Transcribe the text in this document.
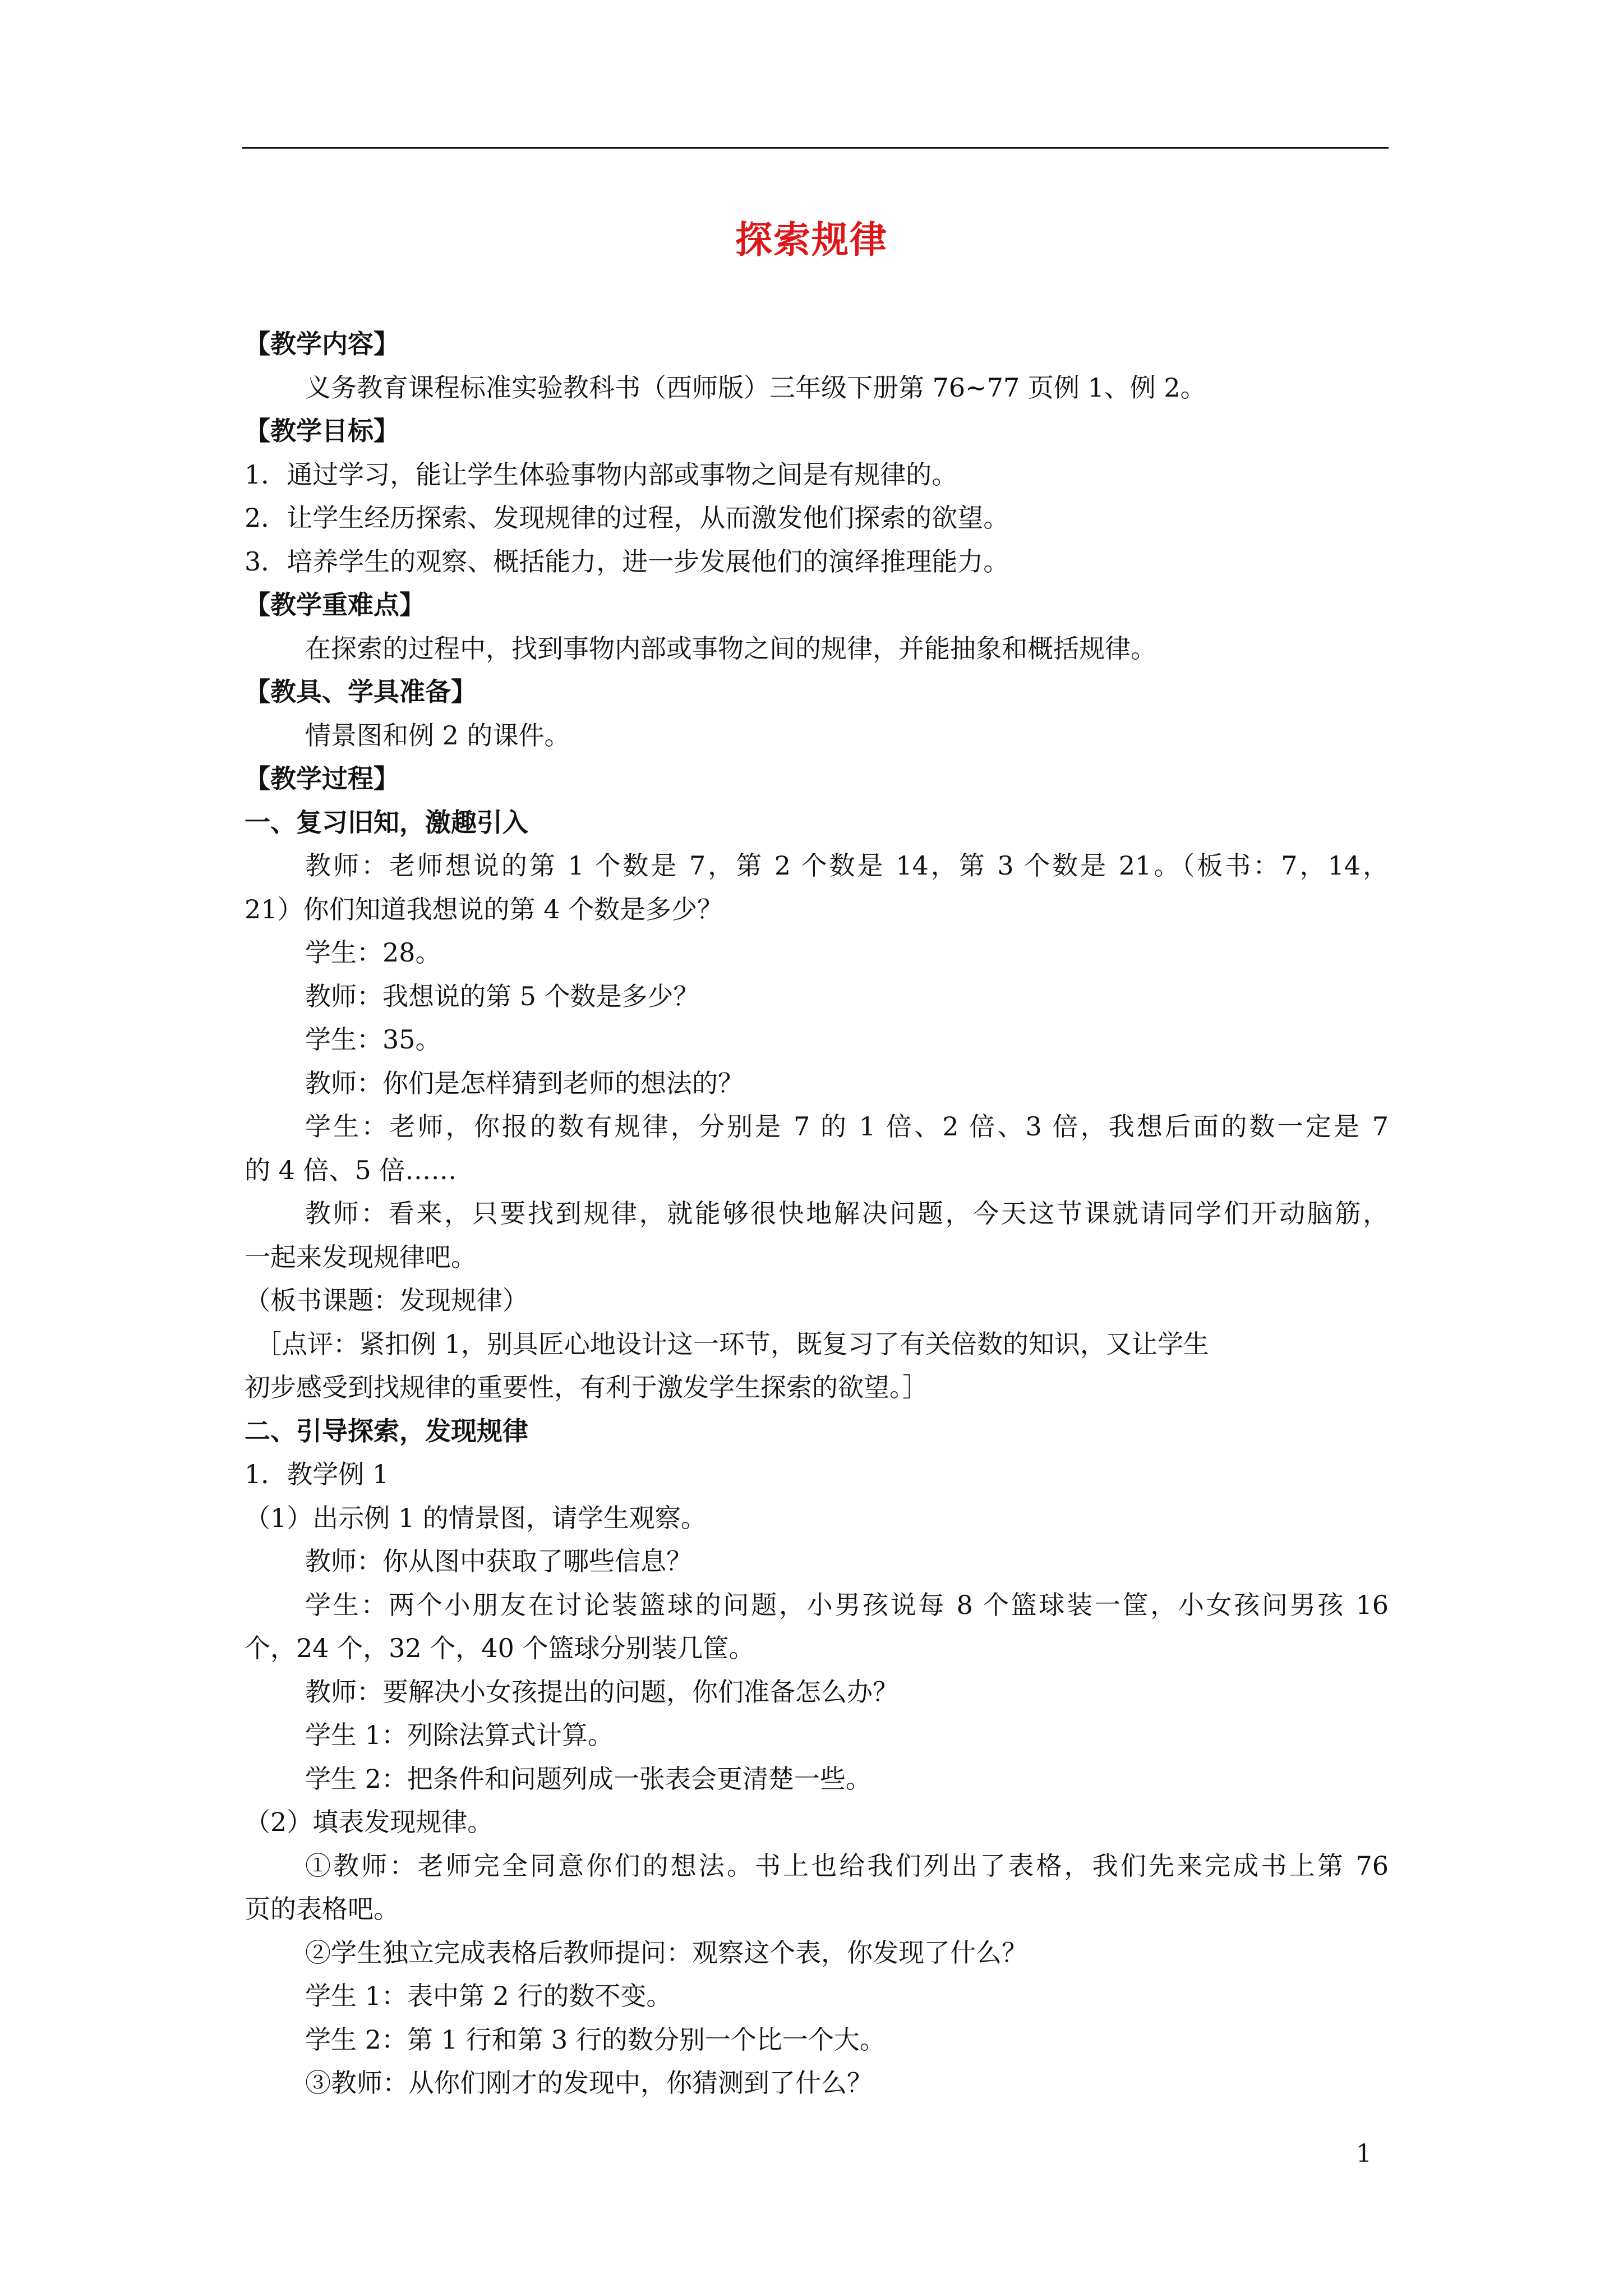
探索规律
【教学内容】
义务教育课程标准实验教科书（西师版）三年级下册第 76~77 页例 1、例 2。
【教学目标】
1．通过学习，能让学生体验事物内部或事物之间是有规律的。
2．让学生经历探索、发现规律的过程，从而激发他们探索的欲望。
3．培养学生的观察、概括能力，进一步发展他们的演绎推理能力。
【教学重难点】
在探索的过程中，找到事物内部或事物之间的规律，并能抽象和概括规律。
【教具、学具准备】
情景图和例 2 的课件。
【教学过程】
一、复习旧知，激趣引入
教师：老师想说的第 1 个数是 7，第 2 个数是 14，第 3 个数是 21。（板书：7，14，
21）你们知道我想说的第 4 个数是多少？
学生：28。
教师：我想说的第 5 个数是多少？
学生：35。
教师：你们是怎样猜到老师的想法的？
学生：老师，你报的数有规律，分别是 7 的 1 倍、2 倍、3 倍，我想后面的数一定是 7
的 4 倍、5 倍……
教师：看来，只要找到规律，就能够很快地解决问题，今天这节课就请同学们开动脑筋，
一起来发现规律吧。
（板书课题：发现规律）
［点评：紧扣例 1，别具匠心地设计这一环节，既复习了有关倍数的知识，又让学生
初步感受到找规律的重要性，有利于激发学生探索的欲望。］
二、引导探索，发现规律
1．教学例 1
（1）出示例 1 的情景图，请学生观察。
教师：你从图中获取了哪些信息？
学生：两个小朋友在讨论装篮球的问题，小男孩说每 8 个篮球装一筐，小女孩问男孩 16
个，24 个，32 个，40 个篮球分别装几筐。
教师：要解决小女孩提出的问题，你们准备怎么办？
学生 1：列除法算式计算。
学生 2：把条件和问题列成一张表会更清楚一些。
（2）填表发现规律。
①教师：老师完全同意你们的想法。书上也给我们列出了表格，我们先来完成书上第 76
页的表格吧。
②学生独立完成表格后教师提问：观察这个表，你发现了什么？
学生 1：表中第 2 行的数不变。
学生 2：第 1 行和第 3 行的数分别一个比一个大。
③教师：从你们刚才的发现中，你猜测到了什么？
1
